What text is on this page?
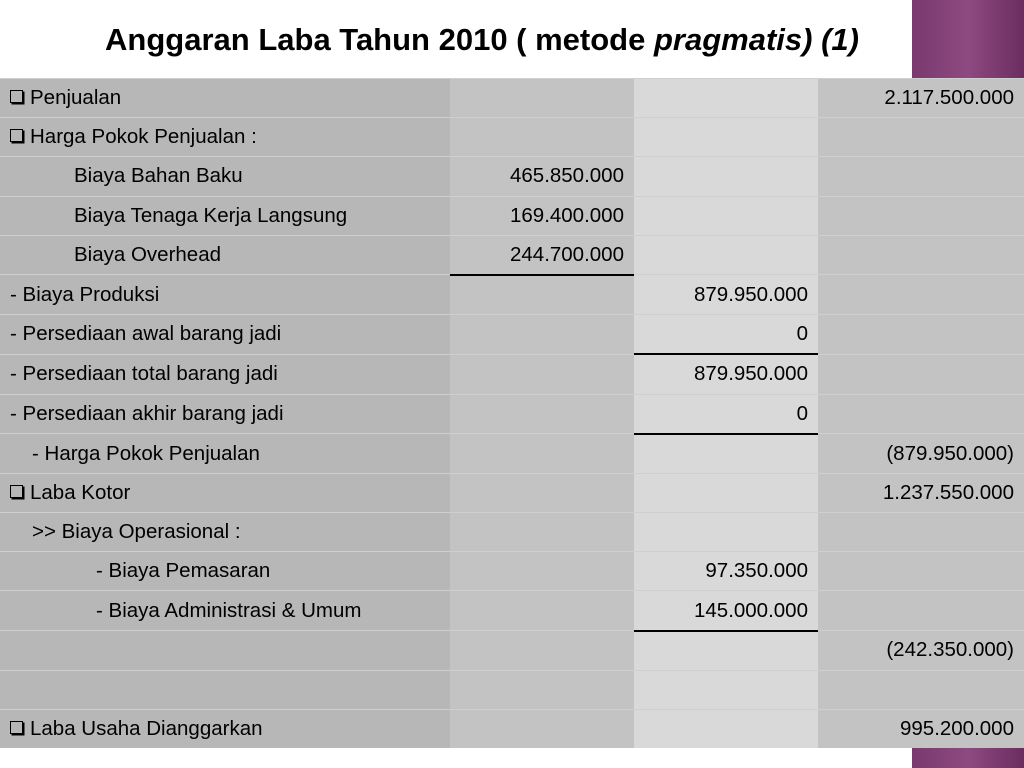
Anggaran Laba Tahun 2010 ( metode pragmatis) (1)
Penjualan			2.117.500.000
Harga Pokok Penjualan :			
Biaya Bahan Baku	465.850.000		
Biaya Tenaga Kerja Langsung	169.400.000		
Biaya Overhead	244.700.000		
- Biaya Produksi		879.950.000	
- Persediaan awal barang jadi		0	
- Persediaan total barang jadi		879.950.000	
- Persediaan akhir barang jadi		0	
- Harga Pokok Penjualan			(879.950.000)
Laba Kotor			1.237.550.000
>> Biaya Operasional :			
- Biaya Pemasaran		97.350.000	
- Biaya Administrasi & Umum		145.000.000	
			(242.350.000)

Laba Usaha Dianggarkan			995.200.000
